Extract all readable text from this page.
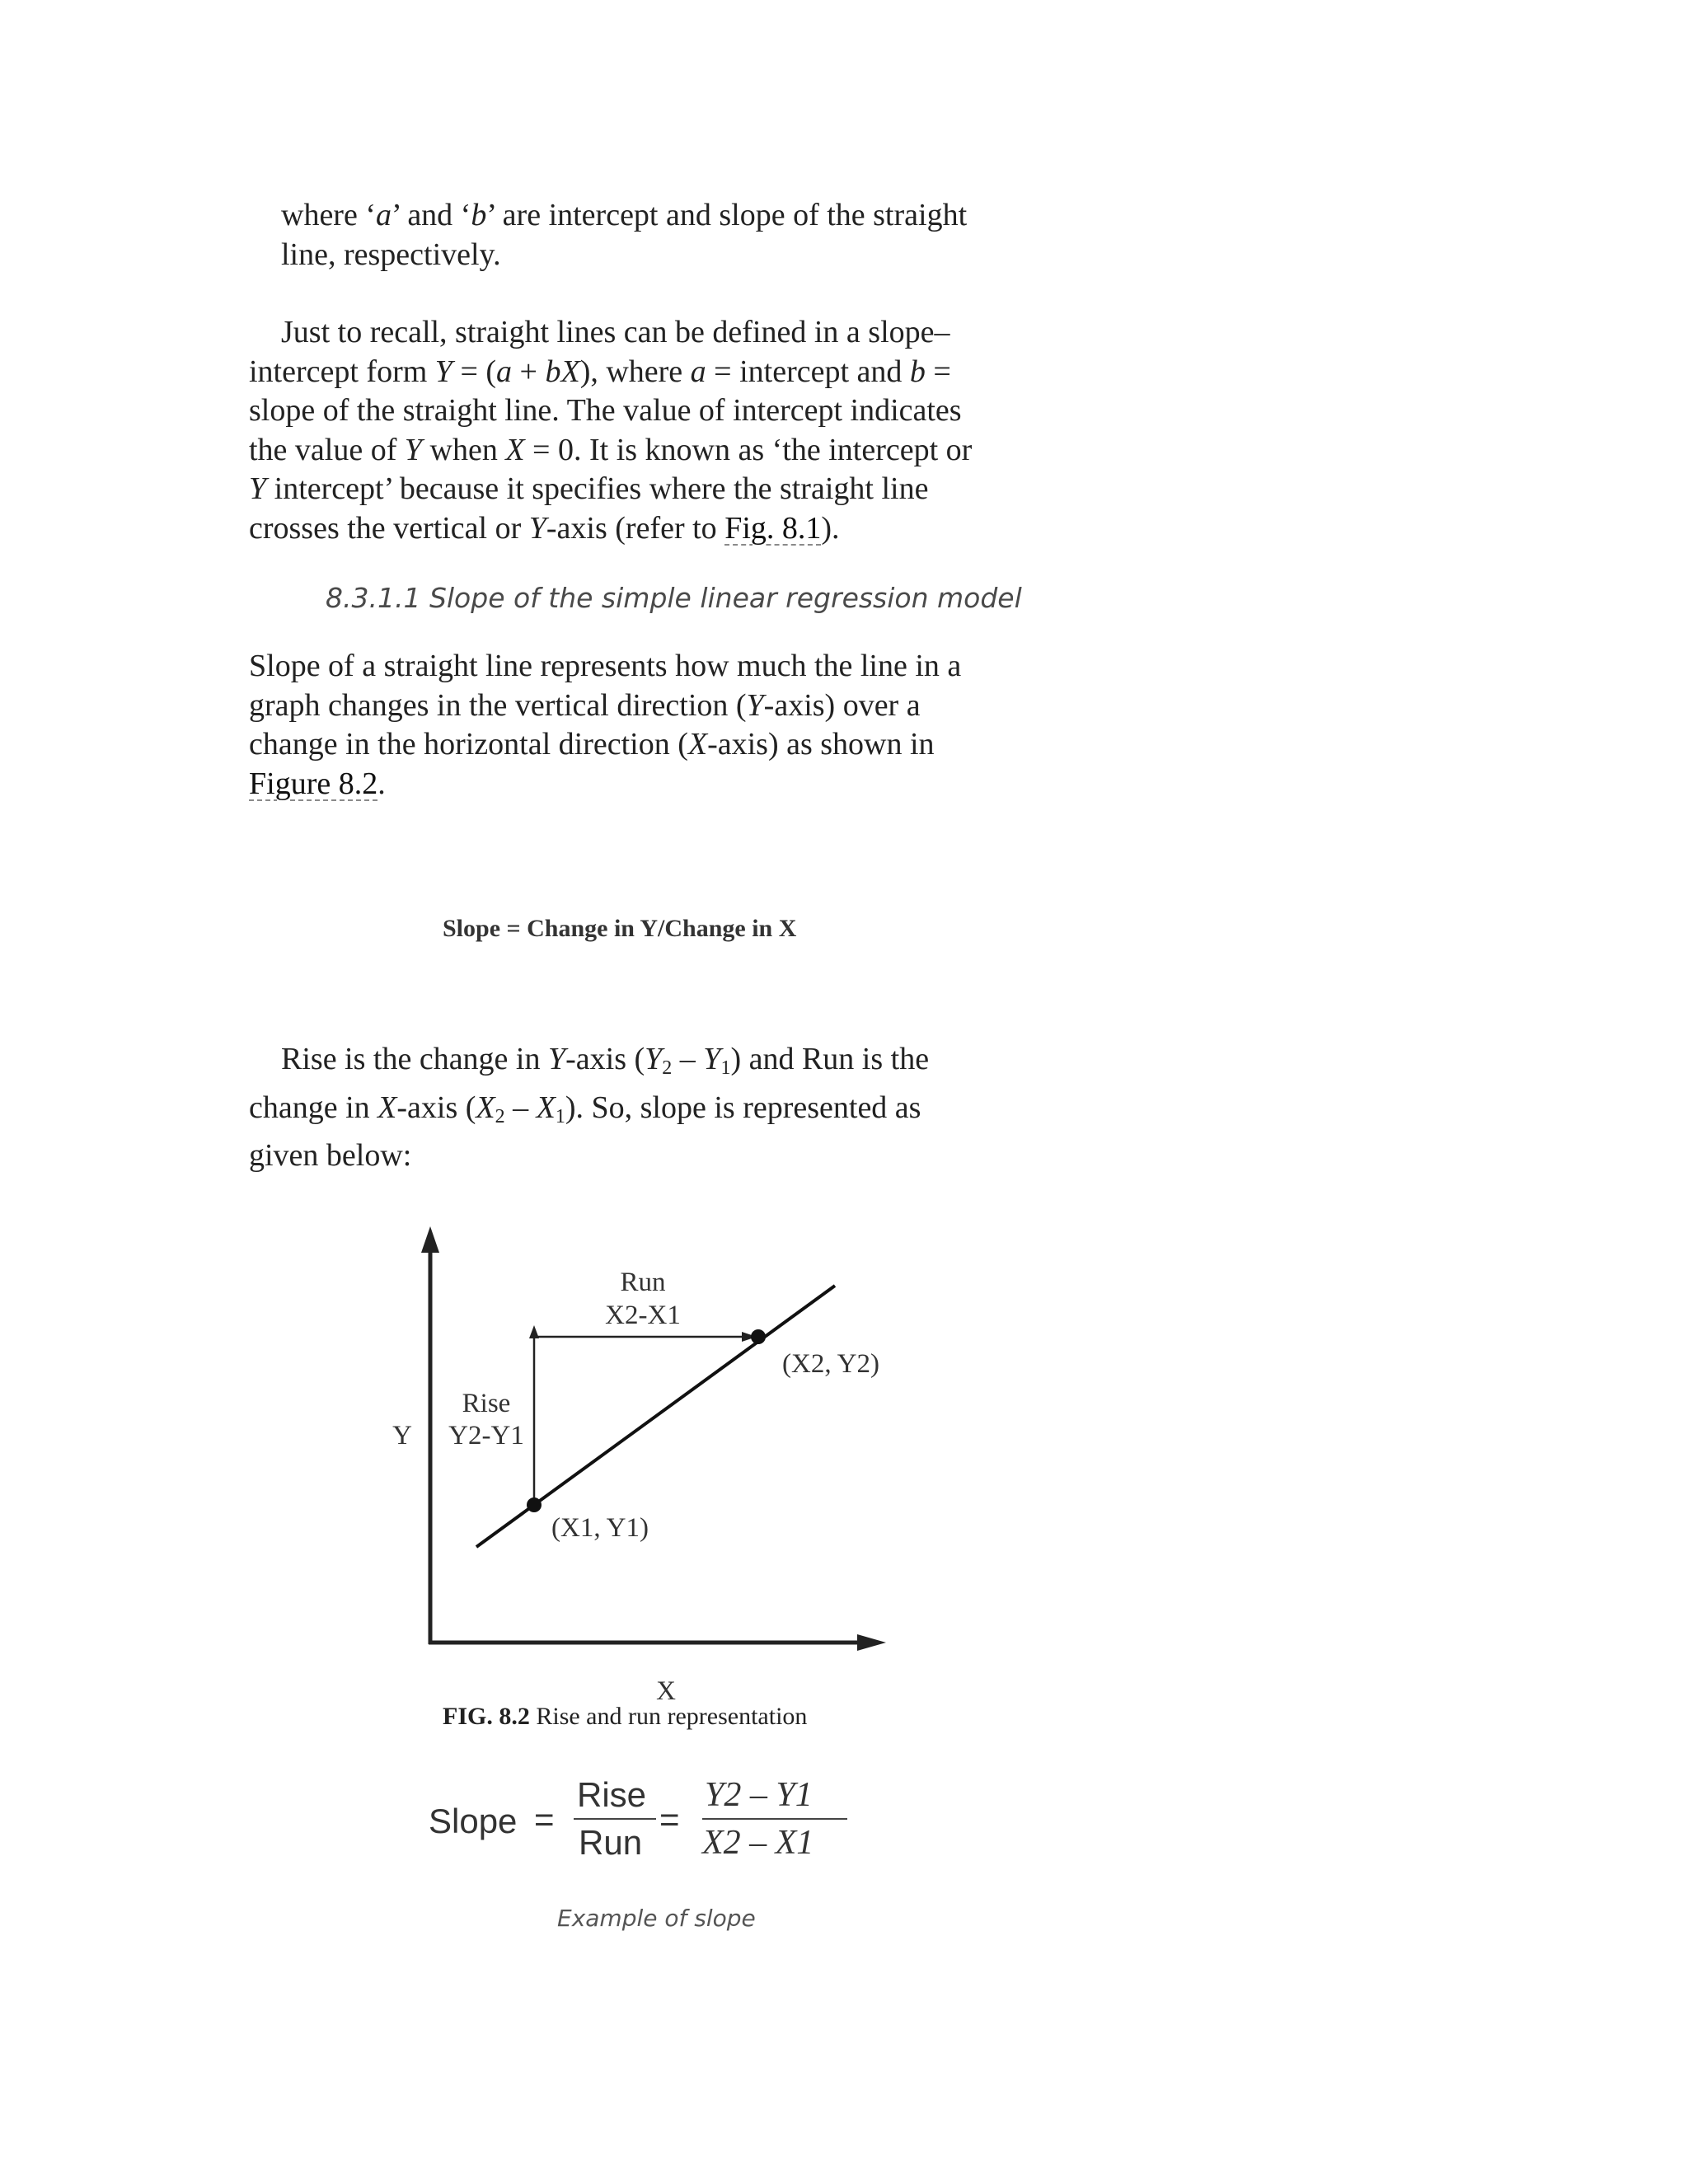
where ‘a’ and ‘b’ are intercept and slope of the straight
line, respectively.

Just to recall, straight lines can be defined in a slope–
intercept form Y = (a + bX), where a = intercept and b =
slope of the straight line. The value of intercept indicates
the value of Y when X = 0. It is known as ‘the intercept or
Y intercept’ because it specifies where the straight line
crosses the vertical or Y-axis (refer to Fig. 8.1).

8.3.1.1 Slope of the simple linear regression model

Slope of a straight line represents how much the line in a
graph changes in the vertical direction (Y-axis) over a
change in the horizontal direction (X-axis) as shown in
Figure 8.2.

Slope = Change in Y/Change in X

Rise is the change in Y-axis $(Y_2 - Y_1)$ and Run is the
change in X-axis $(X_2 - X_1)$. So, slope is represented as
given below:

Run
X2-X1
Rise
Y2-Y1
Y
(X1, Y1)
(X2, Y2)
X
FIG. 8.2 Rise and run representation
Slope =
Rise
Run
=
Y2 – Y1
X2 – X1
Example of slope
